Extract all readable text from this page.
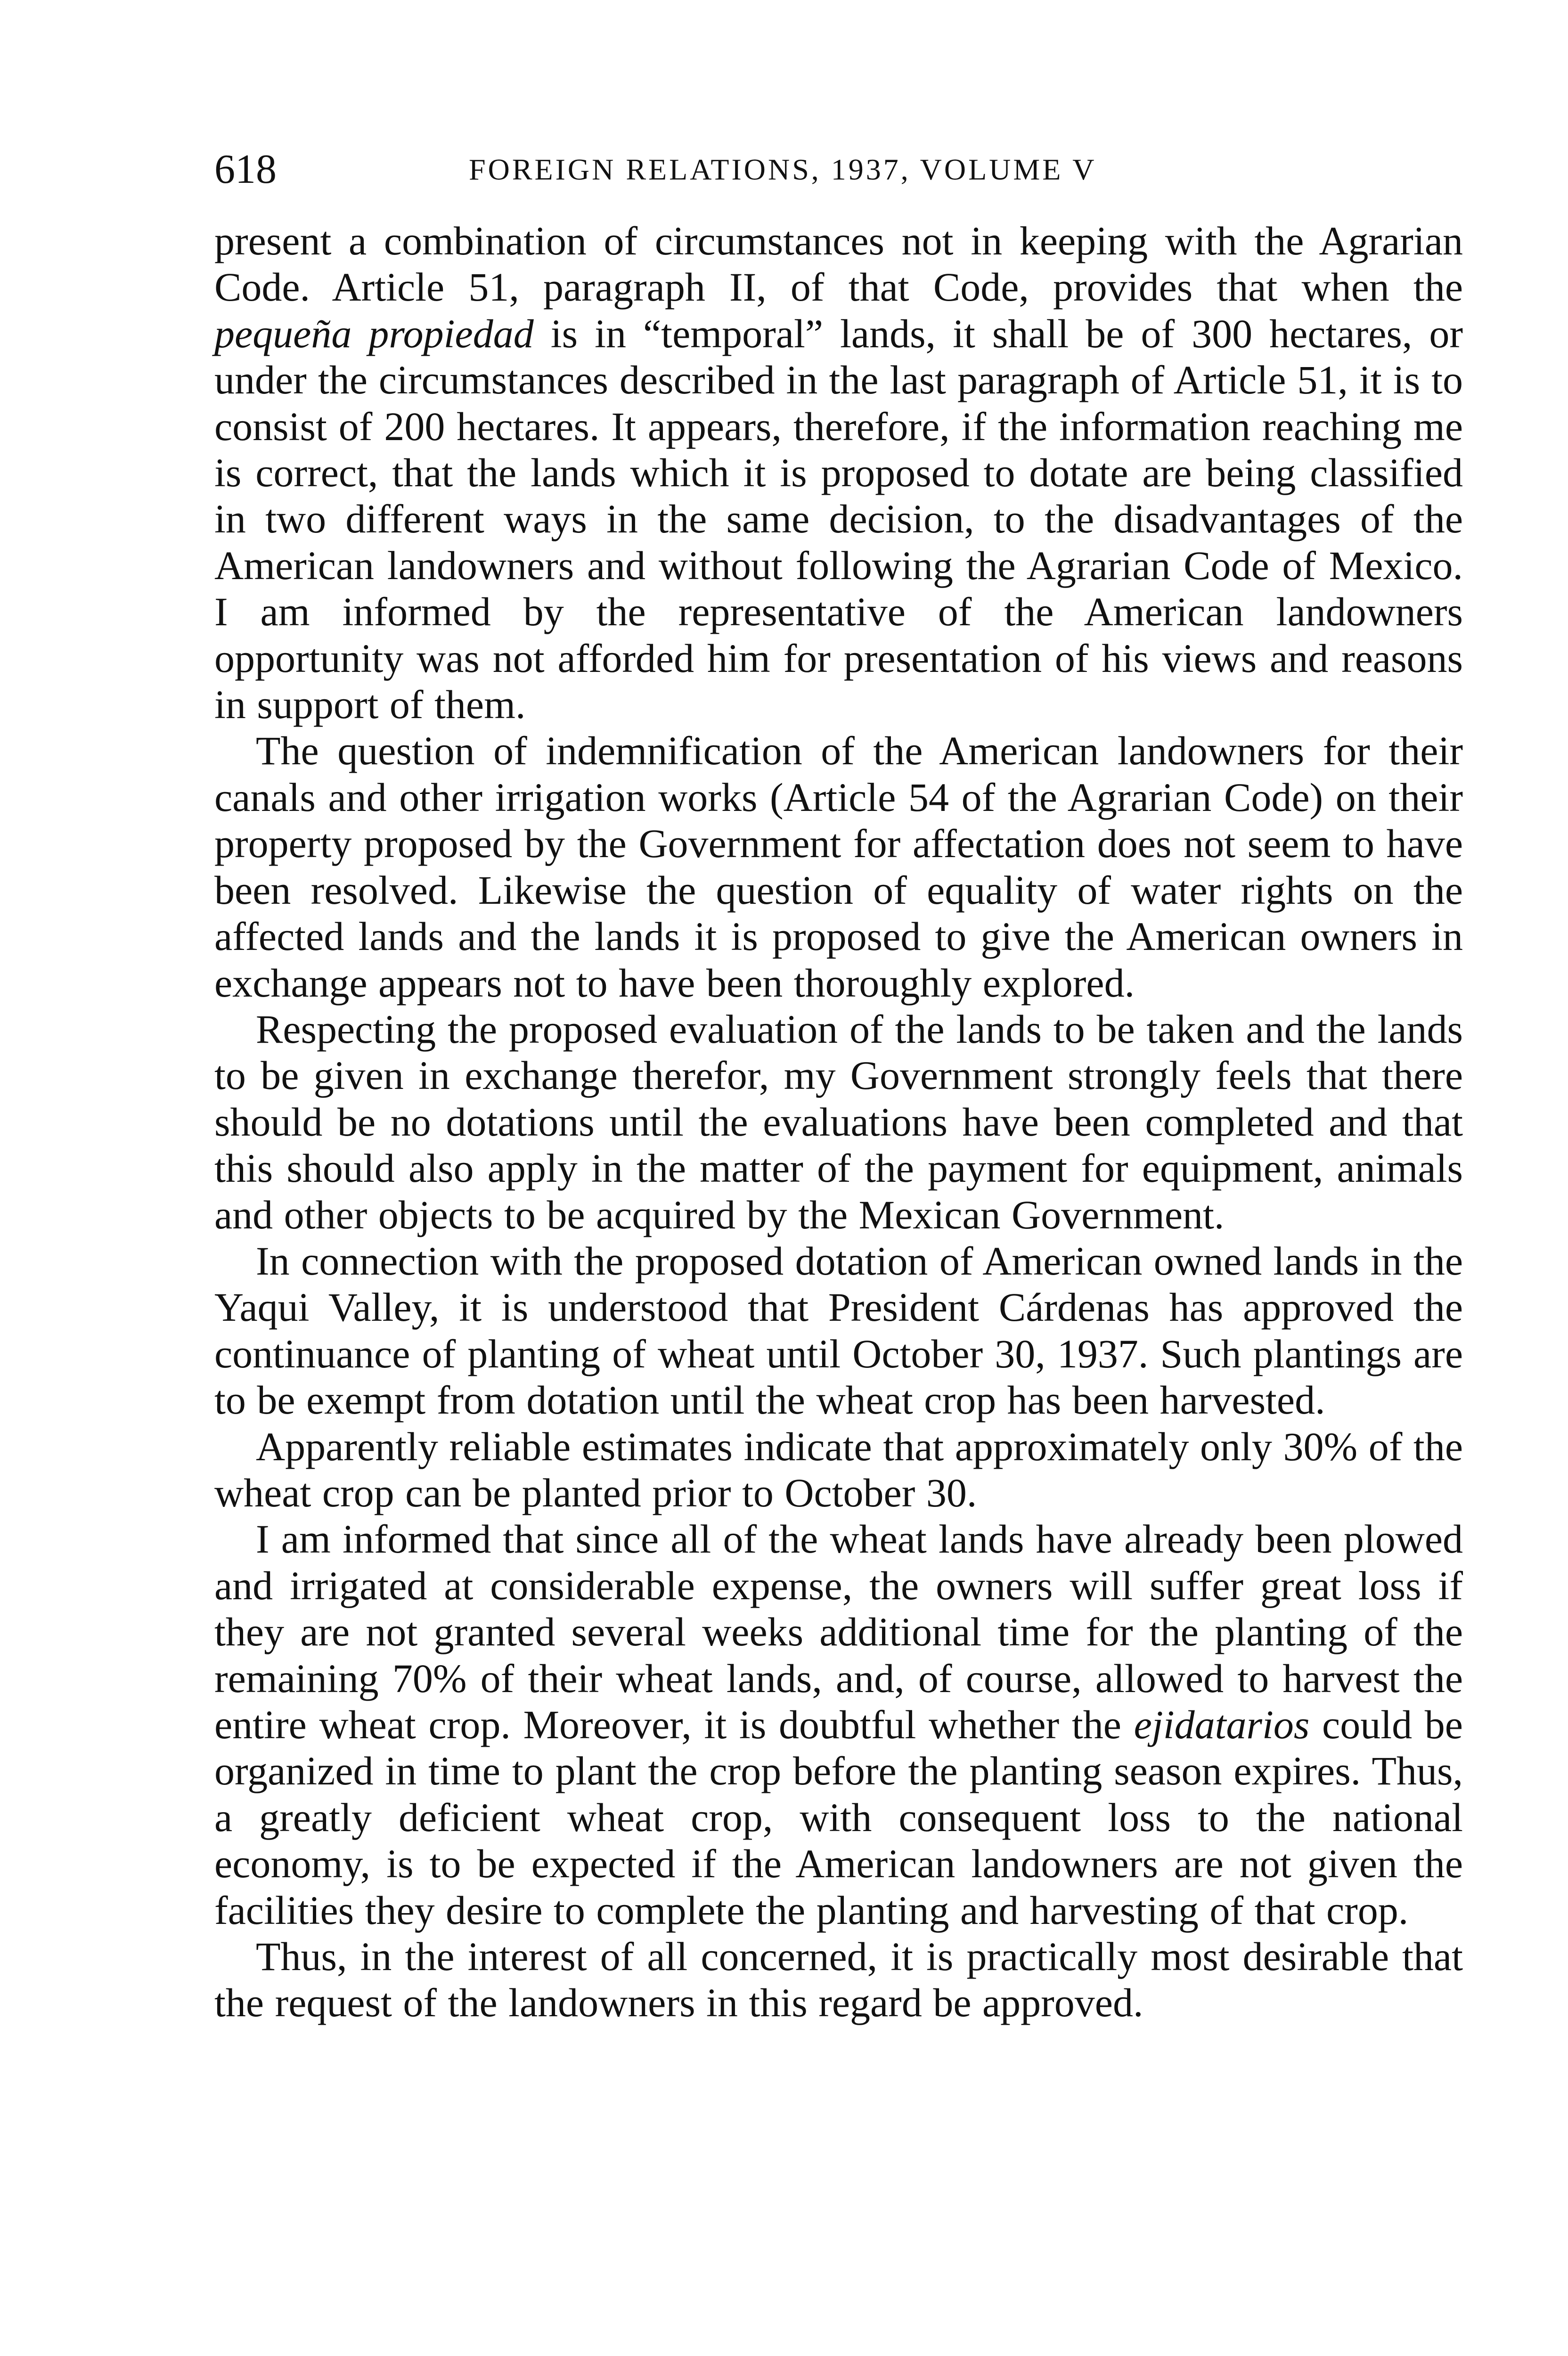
618	FOREIGN RELATIONS, 1937, VOLUME V

present a combination of circumstances not in keeping with the Agrarian Code. Article 51, paragraph II, of that Code, provides that when the pequeña propiedad is in “temporal” lands, it shall be of 300 hectares, or under the circumstances described in the last paragraph of Article 51, it is to consist of 200 hectares. It appears, therefore, if the information reaching me is correct, that the lands which it is proposed to dotate are being classified in two different ways in the same decision, to the disadvantages of the American landowners and without following the Agrarian Code of Mexico. I am informed by the representative of the American landowners opportunity was not afforded him for presentation of his views and reasons in support of them.

The question of indemnification of the American landowners for their canals and other irrigation works (Article 54 of the Agrarian Code) on their property proposed by the Government for affectation does not seem to have been resolved. Likewise the question of equality of water rights on the affected lands and the lands it is proposed to give the American owners in exchange appears not to have been thoroughly explored.

Respecting the proposed evaluation of the lands to be taken and the lands to be given in exchange therefor, my Government strongly feels that there should be no dotations until the evaluations have been completed and that this should also apply in the matter of the payment for equipment, animals and other objects to be acquired by the Mexican Government.

In connection with the proposed dotation of American owned lands in the Yaqui Valley, it is understood that President Cárdenas has approved the continuance of planting of wheat until October 30, 1937. Such plantings are to be exempt from dotation until the wheat crop has been harvested.

Apparently reliable estimates indicate that approximately only 30% of the wheat crop can be planted prior to October 30.

I am informed that since all of the wheat lands have already been plowed and irrigated at considerable expense, the owners will suffer great loss if they are not granted several weeks additional time for the planting of the remaining 70% of their wheat lands, and, of course, allowed to harvest the entire wheat crop. Moreover, it is doubtful whether the ejidatarios could be organized in time to plant the crop before the planting season expires. Thus, a greatly deficient wheat crop, with consequent loss to the national economy, is to be expected if the American landowners are not given the facilities they desire to complete the planting and harvesting of that crop.

Thus, in the interest of all concerned, it is practically most desirable that the request of the landowners in this regard be approved.
